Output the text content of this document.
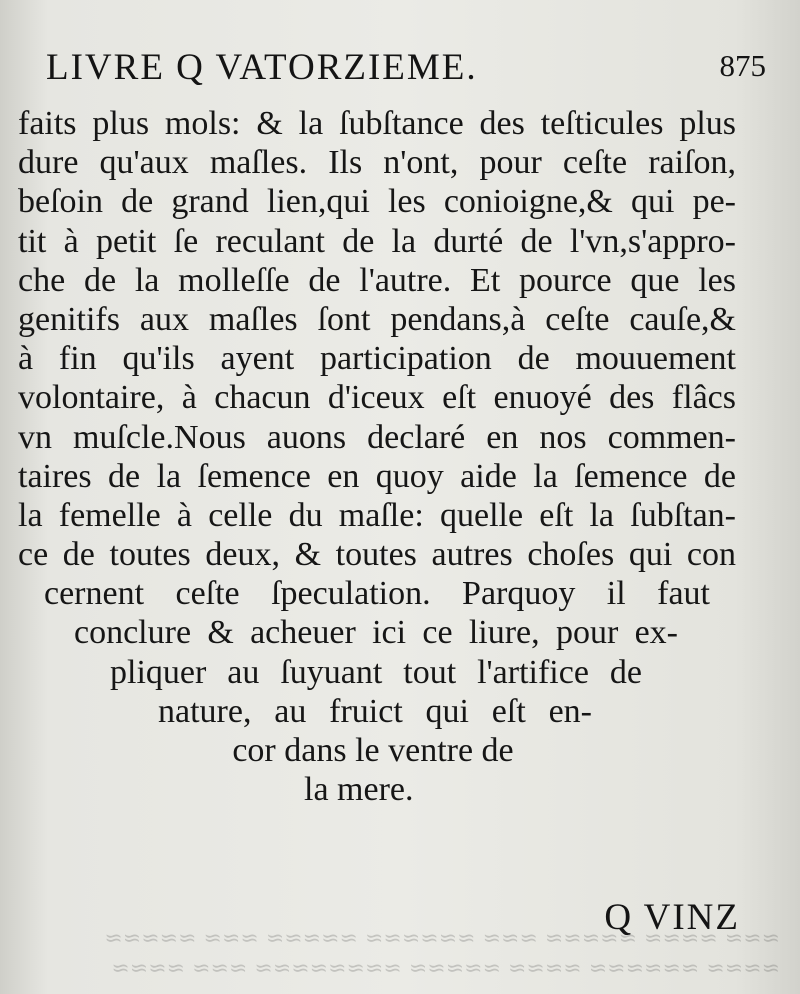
≈≈≈ ≈≈≈≈ ≈≈≈≈≈ ≈≈≈ ≈≈≈≈≈≈ ≈≈≈≈≈ ≈≈≈ ≈≈≈≈≈
≈≈≈≈ ≈≈≈≈≈≈ ≈≈≈≈ ≈≈≈≈≈ ≈≈≈≈≈≈≈≈ ≈≈≈ ≈≈≈≈
LIVRE Q VATORZIEME.	875
faits plus mols: & la ſubſtance des teſticules plus
dure qu'aux maſles. Ils n'ont, pour ceſte raiſon,
beſoin de grand lien,qui les conioigne,& qui pe-
tit à petit ſe reculant de la durté de l'vn,s'appro-
che de la molleſſe de l'autre. Et pource que les
genitifs aux maſles ſont pendans,à ceſte cauſe,&
à fin qu'ils ayent participation de mouuement
volontaire, à chacun d'iceux eſt enuoyé des flâcs
vn muſcle.Nous auons declaré en nos commen-
taires de la ſemence en quoy aide la ſemence de
la femelle à celle du maſle: quelle eſt la ſubſtan-
ce de toutes deux, & toutes autres choſes qui con
cernent ceſte ſpeculation. Parquoy il faut
conclure & acheuer ici ce liure, pour ex-
pliquer au ſuyuant tout l'artifice de
nature, au fruict qui eſt en-
cor dans le ventre de
la mere.
Q VINZ
